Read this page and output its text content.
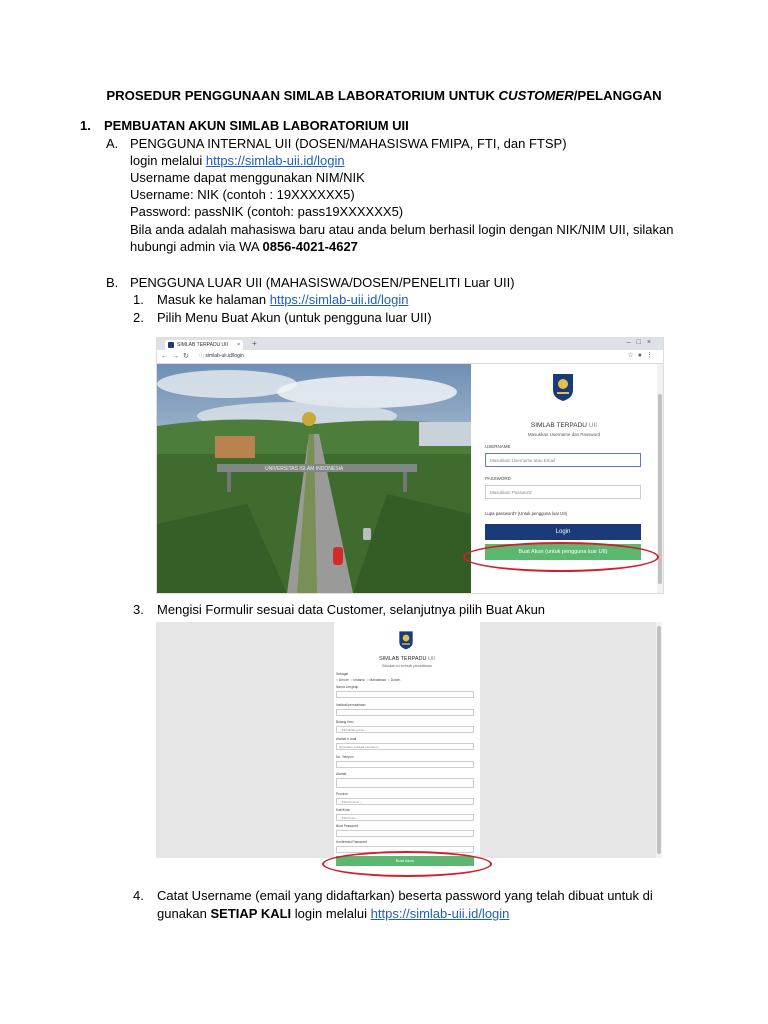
PROSEDUR PENGGUNAAN SIMLAB LABORATORIUM UNTUK CUSTOMER/PELANGGAN
1. PEMBUATAN AKUN SIMLAB LABORATORIUM UII
A. PENGGUNA INTERNAL UII (DOSEN/MAHASISWA FMIPA, FTI, dan FTSP)
login melalui https://simlab-uii.id/login
Username dapat menggunakan NIM/NIK
Username: NIK (contoh : 19XXXXXX5)
Password: passNIK (contoh: pass19XXXXXX5)
Bila anda adalah mahasiswa baru atau anda belum berhasil login dengan NIK/NIM UII, silakan
hubungi admin via WA 0856-4021-4627
B. PENGGUNA LUAR UII (MAHASISWA/DOSEN/PENELITI Luar UII)
1. Masuk ke halaman https://simlab-uii.id/login
2. Pilih Menu Buat Akun (untuk pengguna luar UII)
SIMLAB TERPADU UII × +	–□×
←→↻ ⓘ simlab-uii.id/login	☆●⋮
UNIVERSITAS ISLAM INDONESIA
SIMLAB TERPADU UII
Masukkan Username dan Password
USERNAME
Masukkan Username atau Email
PASSWORD
Masukkan Password
Lupa password? (Untuk pengguna luar UII)
Login
Buat Akun (untuk pengguna luar UII)
3. Mengisi Formulir sesuai data Customer, selanjutnya pilih Buat Akun
SIMLAB TERPADU UII
Silahkan isi formulir pendaftaran
Sebagai
○ Umum ○ Instansi ○ Mahasiswa ○ Dosen
Nama Lengkap
Institusi/perusahaan
Bidang Ilmu
-- Pilih Bidang Ilmu --
Alamat e-mail
digunakan sebagai username
No. Telepon
Alamat
Provinsi
-- Pilih Provinsi --
Kab/Kota
-- Pilih Kota --
Buat Password
Konfirmasi Password
Buat Akun
4. Catat Username (email yang didaftarkan) beserta password yang telah dibuat untuk di
gunakan SETIAP KALI login melalui https://simlab-uii.id/login
